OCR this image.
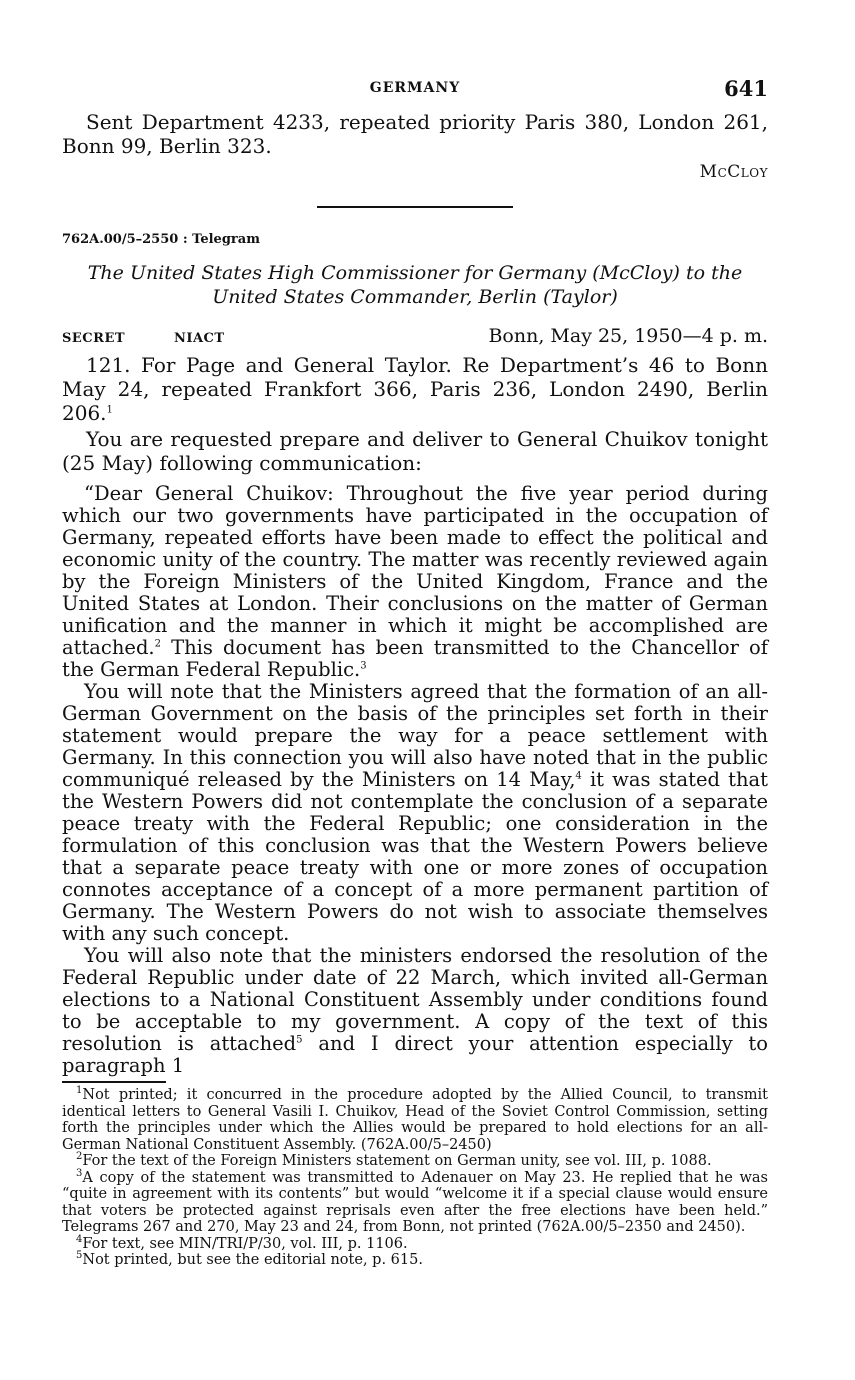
GERMANY	641

Sent Department 4233, repeated priority Paris 380, London 261, Bonn 99, Berlin 323.

McCloy
762A.00/5–2550 : Telegram
The United States High Commissioner for Germany (McCloy) to the United States Commander, Berlin (Taylor)
SECRET	NIACT	Bonn, May 25, 1950—4 p. m.

121. For Page and General Taylor. Re Department’s 46 to Bonn May 24, repeated Frankfort 366, Paris 236, London 2490, Berlin 206.$^1$

You are requested prepare and deliver to General Chuikov tonight (25 May) following communication:

“Dear General Chuikov: Throughout the five year period during which our two governments have participated in the occupation of Germany, repeated efforts have been made to effect the political and economic unity of the country. The matter was recently reviewed again by the Foreign Ministers of the United Kingdom, France and the United States at London. Their conclusions on the matter of German unification and the manner in which it might be accomplished are attached.$^2$ This document has been transmitted to the Chancellor of the German Federal Republic.$^3$

You will note that the Ministers agreed that the formation of an all-German Government on the basis of the principles set forth in their statement would prepare the way for a peace settlement with Germany. In this connection you will also have noted that in the public communiqué released by the Ministers on 14 May,$^4$ it was stated that the Western Powers did not contemplate the conclusion of a separate peace treaty with the Federal Republic; one consideration in the formulation of this conclusion was that the Western Powers believe that a separate peace treaty with one or more zones of occupation connotes acceptance of a concept of a more permanent partition of Germany. The Western Powers do not wish to associate themselves with any such concept.

You will also note that the ministers endorsed the resolution of the Federal Republic under date of 22 March, which invited all-German elections to a National Constituent Assembly under conditions found to be acceptable to my government. A copy of the text of this resolution is attached$^5$ and I direct your attention especially to paragraph 1

$^1$Not printed; it concurred in the procedure adopted by the Allied Council, to transmit identical letters to General Vasili I. Chuikov, Head of the Soviet Control Commission, setting forth the principles under which the Allies would be prepared to hold elections for an all-German National Constituent Assembly. (762A.00/5–2450)

$^2$For the text of the Foreign Ministers statement on German unity, see vol. III, p. 1088.

$^3$A copy of the statement was transmitted to Adenauer on May 23. He replied that he was “quite in agreement with its contents” but would “welcome it if a special clause would ensure that voters be protected against reprisals even after the free elections have been held.” Telegrams 267 and 270, May 23 and 24, from Bonn, not printed (762A.00/5–2350 and 2450).

$^4$For text, see MIN/TRI/P/30, vol. III, p. 1106.

$^5$Not printed, but see the editorial note, p. 615.
